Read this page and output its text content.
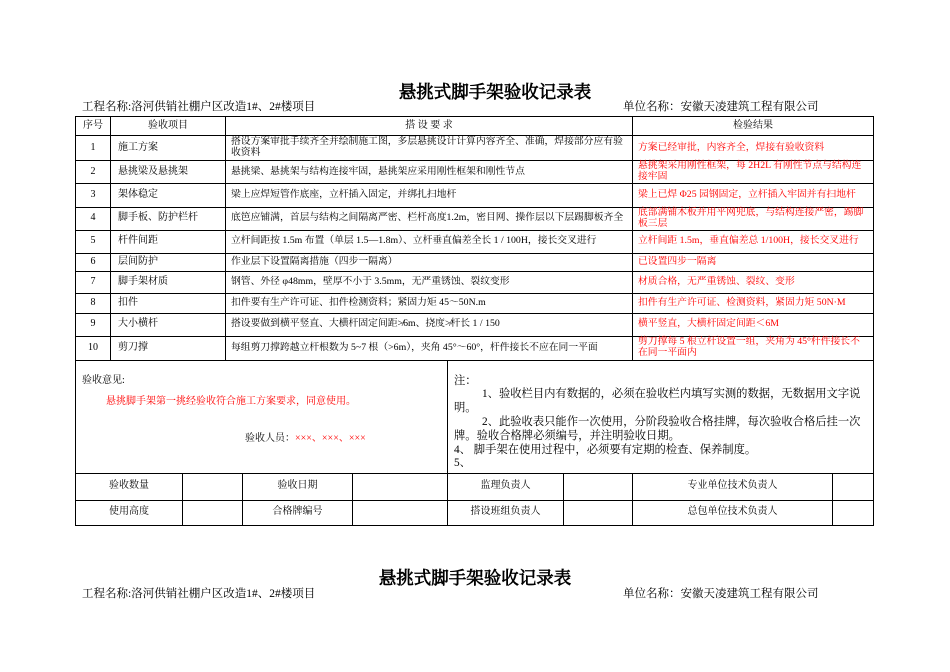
悬挑式脚手架验收记录表
工程名称:洛河供销社棚户区改造1#、2#楼项目	单位名称：安徽天凌建筑工程有限公司
序号	验收项目	搭 设 要 求	检验结果
1	施工方案	搭设方案审批手续齐全并绘制施工图，多层悬挑设计计算内容齐全、准确，焊接部分应有验收资料	方案已经审批，内容齐全，焊接有验收资料
2	悬挑梁及悬挑架	悬挑梁、悬挑架与结构连接牢固，悬挑架应采用刚性框架和刚性节点	悬挑架采用刚性框架，每 2H2L 有刚性节点与结构连接牢固
3	架体稳定	梁上应焊短管作底座，立杆插入固定，并绑扎扫地杆	梁上已焊 Φ25 园钢固定，立杆插入牢固并有扫地杆
4	脚手板、防护栏杆	底笆应铺满，首层与结构之间隔离严密、栏杆高度1.2m，密目网、操作层以下层踢脚板齐全	底部满铺木板并用平网兜底，与结构连接严密，踢脚板三层
5	杆件间距	立杆间距按 1.5m 布置（单层 1.5—1.8m）、立杆垂直偏差全长 1 / 100H，接长交叉进行	立杆间距 1.5m，垂直偏差总 1/100H，接长交叉进行
6	层间防护	作业层下设置隔离措施（四步一隔离）	已设置四步一隔离
7	脚手架材质	钢管、外径 φ48mm，壁厚不小于 3.5mm，无严重锈蚀、裂纹变形	材质合格，无严重锈蚀、裂纹、变形
8	扣件	扣件要有生产许可证、扣件检测资料；紧固力矩 45～50N.m	扣件有生产许可证、检测资料，紧固力矩 50N·M
9	大小横杆	搭设要做到横平竖直、大横杆固定间距≯6m、挠度≯杆长 1 / 150	横平竖直，大横杆固定间距＜6M
10	剪刀撑	每组剪刀撑跨越立杆根数为 5~7 根（>6m），夹角 45°～60°，杆件接长不应在同一平面	剪刀撑每 5 根立杆设置一组，夹角为 45°杆件接长不在同一平面内
验收意见:
悬挑脚手架第一挑经验收符合施工方案要求，同意使用。
验收人员：×××、×××、×××

注：
1、验收栏目内有数据的，必须在验收栏内填写实测的数据，无数据用文字说明。
2、此验收表只能作一次使用，分阶段验收合格挂牌，每次验收合格后挂一次牌。验收合格牌必须编号，并注明验收日期。
4、 脚手架在使用过程中，必须要有定期的检查、保养制度。
5、
验收数量		验收日期		监理负责人		专业单位技术负责人	
使用高度		合格牌编号		搭设班组负责人		总包单位技术负责人	
悬挑式脚手架验收记录表
工程名称:洛河供销社棚户区改造1#、2#楼项目	单位名称：安徽天凌建筑工程有限公司
